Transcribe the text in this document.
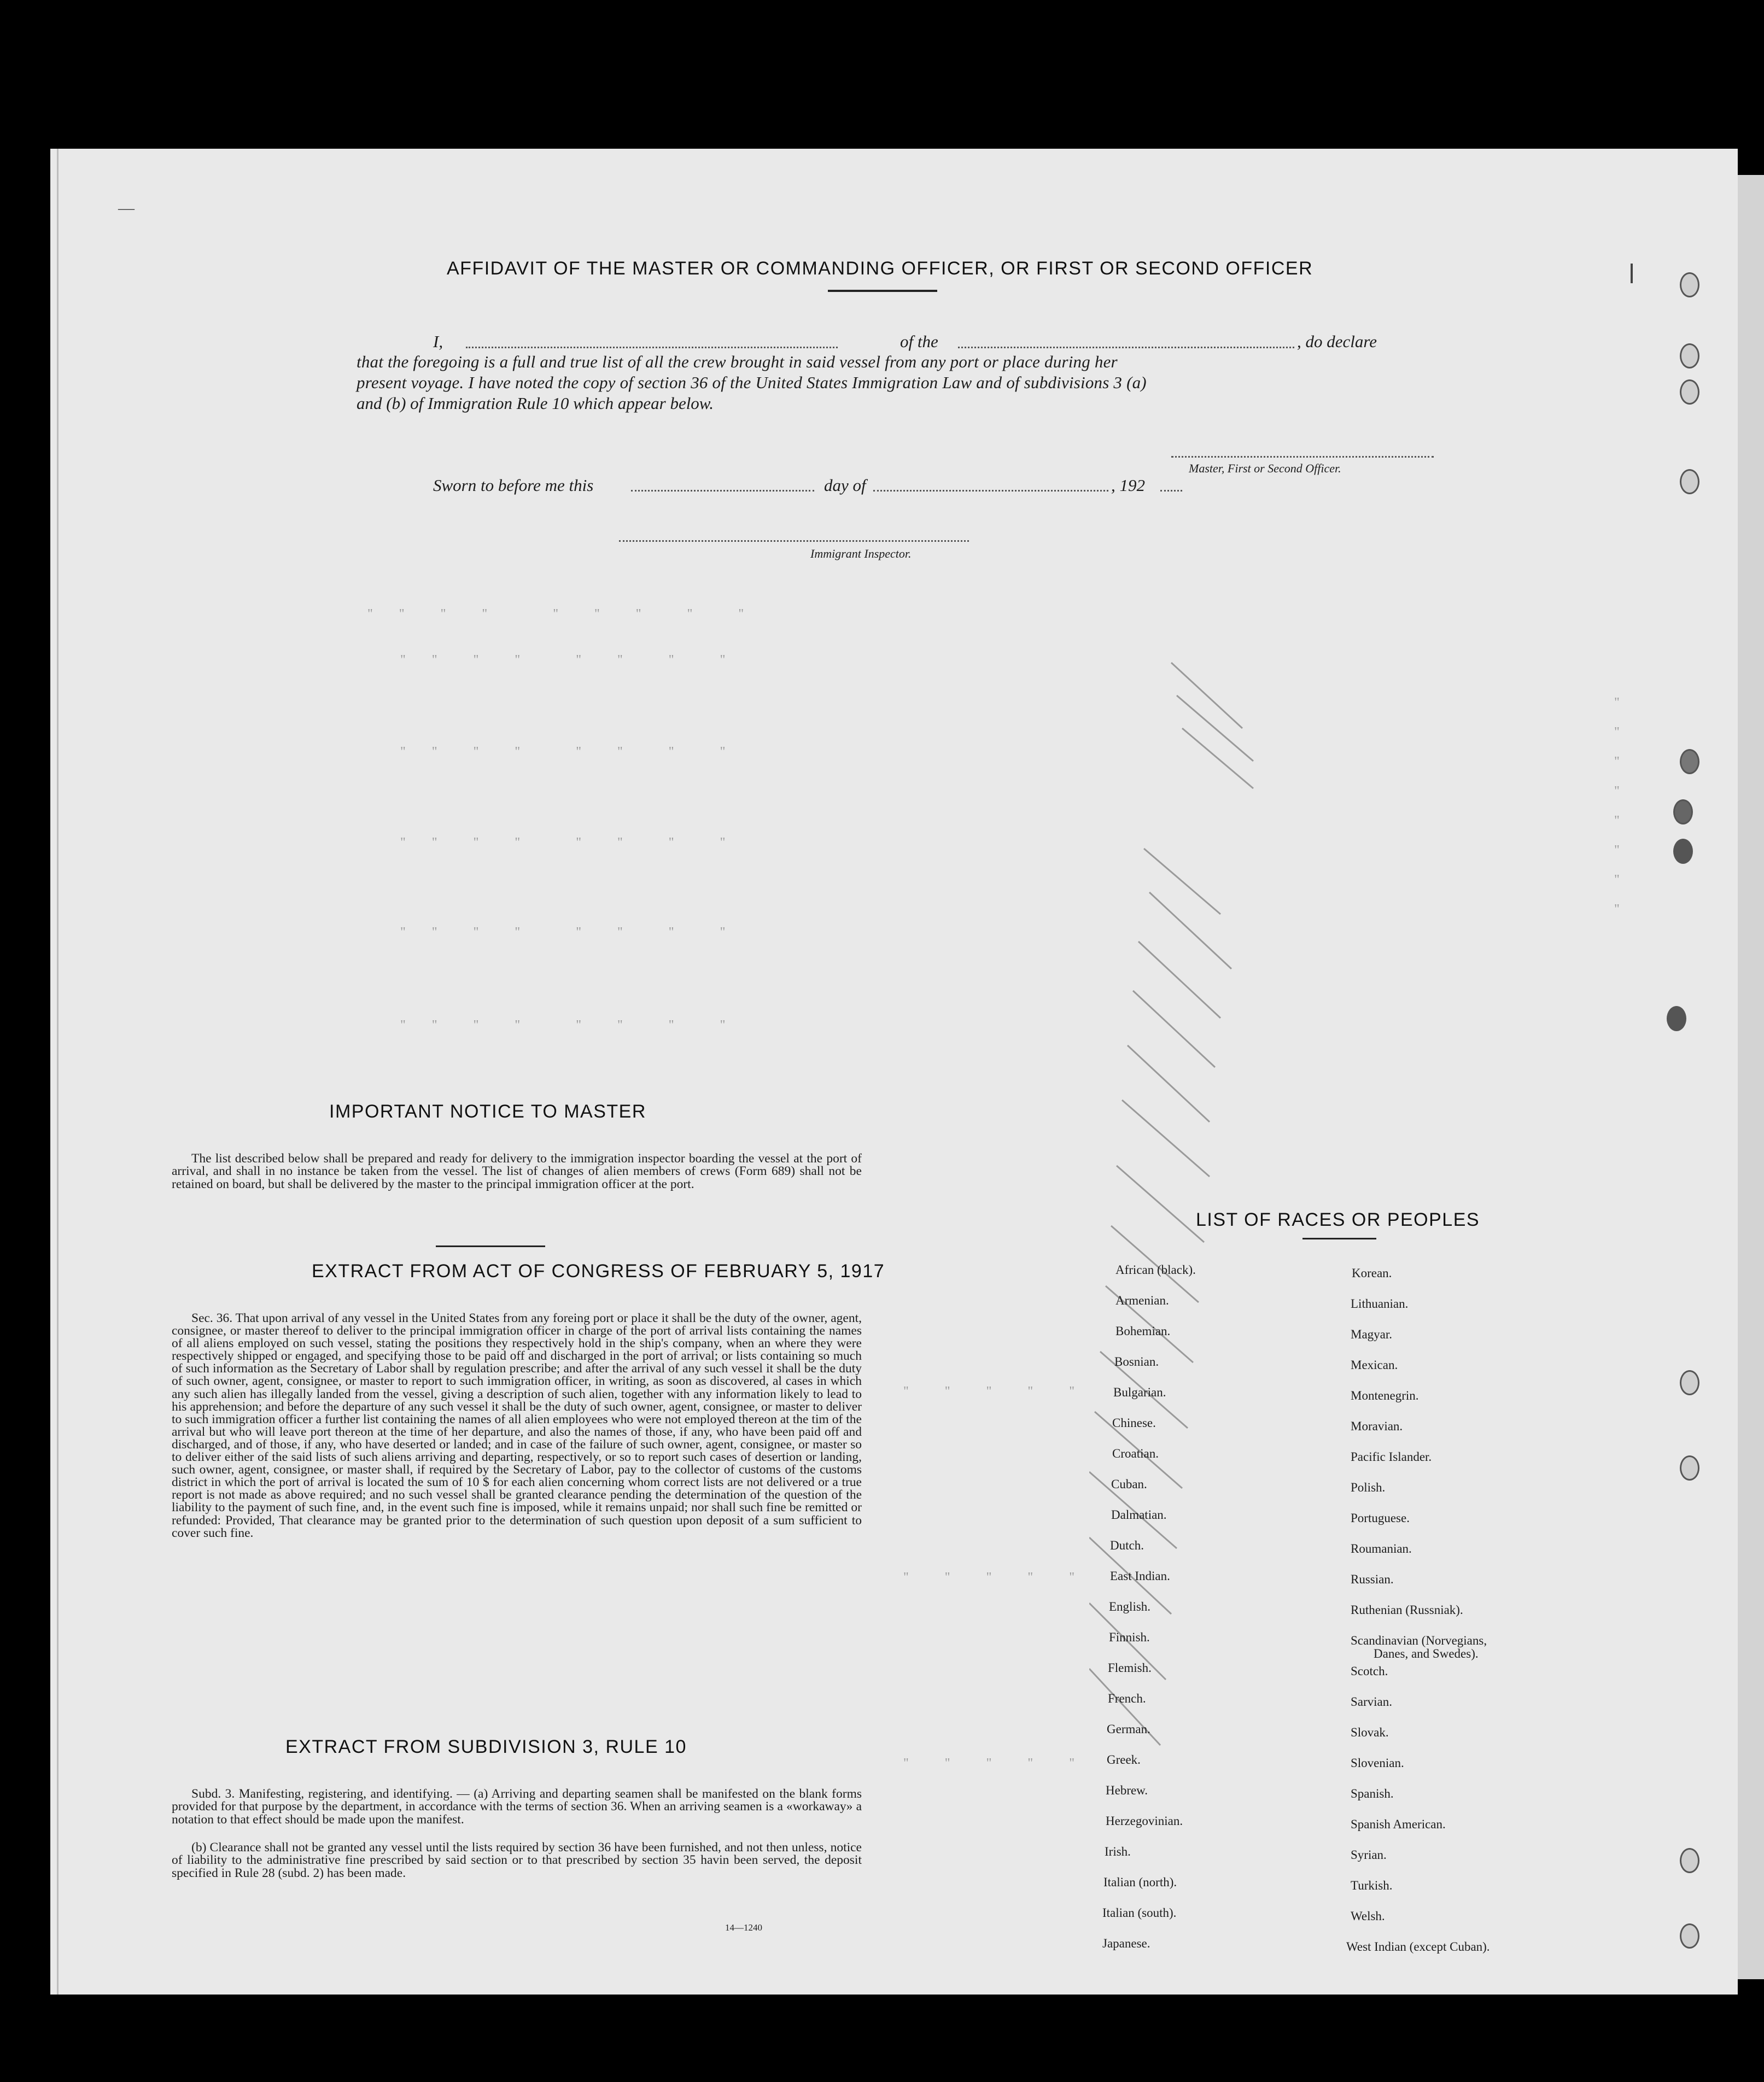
"     "       "       "             "       "       "         "         "
"     "       "       "           "       "         "         "
"     "       "       "           "       "         "         "
"     "       "       "           "       "         "         "
"     "       "       "           "       "         "         "
"     "       "       "           "       "         "         "
"       "       "       "       "
"       "       "       "       "
"       "       "       "       "
"

"

"

"

"

"

"

"
—
AFFIDAVIT OF THE MASTER OR COMMANDING OFFICER, OR FIRST OR SECOND OFFICER
I,	of the	, do declare
that the foregoing is a full and true list of all the crew brought in said vessel from any port or place during her
present voyage. I have noted the copy of section 36 of the United States Immigration Law and of subdivisions 3 (a)
and (b) of Immigration Rule 10 which appear below.
Master, First or Second Officer.
Sworn to before me this	day of	, 192
Immigrant Inspector.
IMPORTANT NOTICE TO MASTER

The list described below shall be prepared and ready for delivery to the immigration inspector boarding the vessel at the port of arrival, and shall in no instance be taken from the vessel. The list of changes of alien members of crews (Form 689) shall not be retained on board, but shall be delivered by the master to the principal immigration officer at the port.

EXTRACT FROM ACT OF CONGRESS OF FEBRUARY 5, 1917

Sec. 36. That upon arrival of any vessel in the United States from any foreing port or place it shall be the duty of the owner, agent, consignee, or master thereof to deliver to the principal immigration officer in charge of the port of arrival lists containing the names of all aliens employed on such vessel, stating the positions they respectively hold in the ship's company, when an where they were respectively shipped or engaged, and specifying those to be paid off and discharged in the port of arrival; or lists containing so much of such information as the Secretary of Labor shall by regulation prescribe; and after the arrival of any such vessel it shall be the duty of such owner, agent, consignee, or master to report to such immigration officer, in writing, as soon as discovered, al cases in which any such alien has illegally landed from the vessel, giving a description of such alien, together with any information likely to lead to his apprehension; and before the departure of any such vessel it shall be the duty of such owner, agent, consignee, or master to deliver to such immigration officer a further list containing the names of all alien employees who were not employed thereon at the tim of the arrival but who will leave port thereon at the time of her departure, and also the names of those, if any, who have been paid off and discharged, and of those, if any, who have deserted or landed; and in case of the failure of such owner, agent, consignee, or master so to deliver either of the said lists of such aliens arriving and departing, respectively, or so to report such cases of desertion or landing, such owner, agent, consignee, or master shall, if required by the Secretary of Labor, pay to the collector of customs of the customs district in which the port of arrival is located the sum of 10 $ for each alien concerning whom correct lists are not delivered or a true report is not made as above required; and no such vessel shall be granted clearance pending the determination of the question of the liability to the payment of such fine, and, in the event such fine is imposed, while it remains unpaid; nor shall such fine be remitted or refunded: Provided, That clearance may be granted prior to the determination of such question upon deposit of a sum sufficient to cover such fine.

EXTRACT FROM SUBDIVISION 3, RULE 10

Subd. 3. Manifesting, registering, and identifying. — (a) Arriving and departing seamen shall be manifested on the blank forms provided for that purpose by the department, in accordance with the terms of section 36. When an arriving seamen is a «workaway» a notation to that effect should be made upon the manifest.

(b) Clearance shall not be granted any vessel until the lists required by section 36 have been furnished, and not then unless, notice of liability to the administrative fine prescribed by said section or to that prescribed by section 35 havin been served, the deposit specified in Rule 28 (subd. 2) has been made.

14—1240
LIST OF RACES OR PEOPLES
African (black).
Armenian.
Bohemian.
Bosnian.
Bulgarian.
Chinese.
Croatian.
Cuban.
Dalmatian.
Dutch.
East Indian.
English.
Finnish.
Flemish.
French.
German.
Greek.
Hebrew.
Herzegovinian.
Irish.
Italian (north).
Italian (south).
Japanese.
Korean.
Lithuanian.
Magyar.
Mexican.
Montenegrin.
Moravian.
Pacific Islander.
Polish.
Portuguese.
Roumanian.
Russian.
Ruthenian (Russniak).
Scandinavian (Norvegians,
Danes, and Swedes).
Scotch.
Sarvian.
Slovak.
Slovenian.
Spanish.
Spanish American.
Syrian.
Turkish.
Welsh.
West Indian (except Cuban).
